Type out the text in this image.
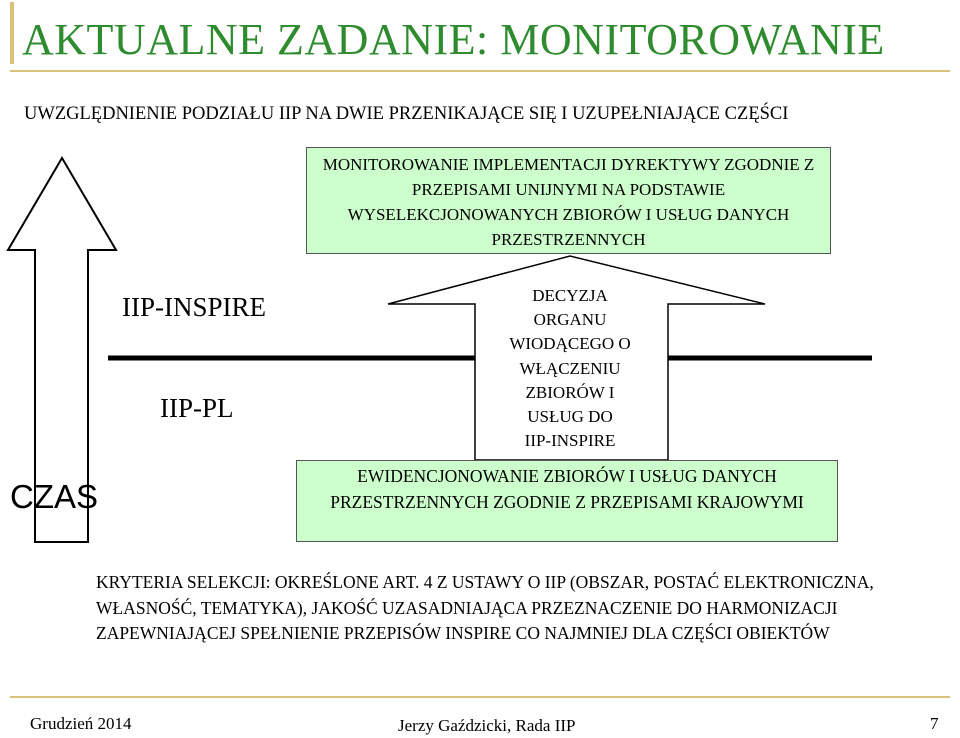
AKTUALNE ZADANIE: MONITOROWANIE
UWZGLĘDNIENIE PODZIAŁU IIP NA DWIE PRZENIKAJĄCE SIĘ I UZUPEŁNIAJĄCE CZĘŚCI
MONITOROWANIE IMPLEMENTACJI DYREKTYWY ZGODNIE Z PRZEPISAMI UNIJNYMI NA PODSTAWIE WYSELEKCJONOWANYCH ZBIORÓW I USŁUG DANYCH PRZESTRZENNYCH
DECYZJA
ORGANU
WIODĄCEGO O
WŁĄCZENIU
ZBIORÓW I
USŁUG DO
IIP-INSPIRE
EWIDENCJONOWANIE ZBIORÓW I USŁUG DANYCH PRZESTRZENNYCH ZGODNIE Z PRZEPISAMI KRAJOWYMI
IIP-INSPIRE
IIP-PL
CZAS
KRYTERIA SELEKCJI: OKREŚLONE ART. 4 Z USTAWY O IIP (OBSZAR, POSTAĆ ELEKTRONICZNA, WŁASNOŚĆ, TEMATYKA), JAKOŚĆ UZASADNIAJĄCA PRZEZNACZENIE DO HARMONIZACJI ZAPEWNIAJĄCEJ SPEŁNIENIE PRZEPISÓW INSPIRE CO NAJMNIEJ DLA CZĘŚCI OBIEKTÓW
Grudzień 2014	Jerzy Gaździcki, Rada IIP	7
